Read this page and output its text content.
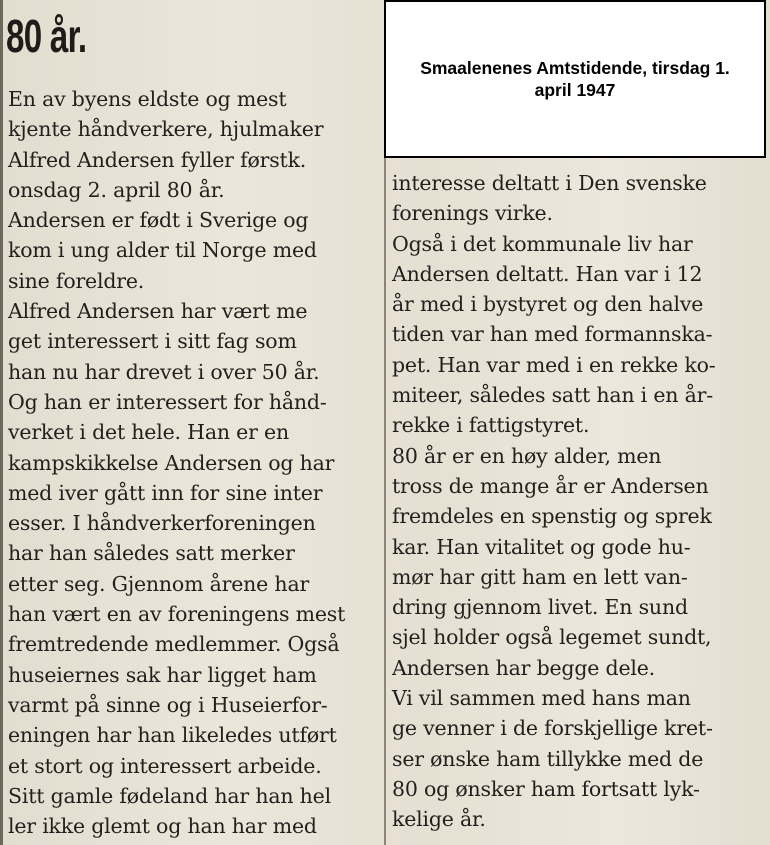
80 år.
En av byens eldste og mest
kjente håndverkere, hjulmaker
Alfred Andersen fyller førstk.
onsdag 2. april 80 år.
Andersen er født i Sverige og
kom i ung alder til Norge med
sine foreldre.
Alfred Andersen har vært me
get interessert i sitt fag som
han nu har drevet i over 50 år.
Og han er interessert for hånd-
verket i det hele. Han er en
kampskikkelse Andersen og har
med iver gått inn for sine inter
esser. I håndverkerforeningen
har han således satt merker
etter seg. Gjennom årene har
han vært en av foreningens mest
fremtredende medlemmer. Også
huseiernes sak har ligget ham
varmt på sinne og i Huseierfor-
eningen har han likeledes utført
et stort og interessert arbeide.
Sitt gamle fødeland har han hel
ler ikke glemt og han har med
interesse deltatt i Den svenske
forenings virke.
Også i det kommunale liv har
Andersen deltatt. Han var i 12
år med i bystyret og den halve
tiden var han med formannska-
pet. Han var med i en rekke ko-
miteer, således satt han i en år-
rekke i fattigstyret.
80 år er en høy alder, men
tross de mange år er Andersen
fremdeles en spenstig og sprek
kar. Han vitalitet og gode hu-
mør har gitt ham en lett van-
dring gjennom livet. En sund
sjel holder også legemet sundt,
Andersen har begge dele.
Vi vil sammen med hans man
ge venner i de forskjellige kret-
ser ønske ham tillykke med de
80 og ønsker ham fortsatt lyk-
kelige år.
Smaalenenes Amtstidende, tirsdag 1. april 1947
